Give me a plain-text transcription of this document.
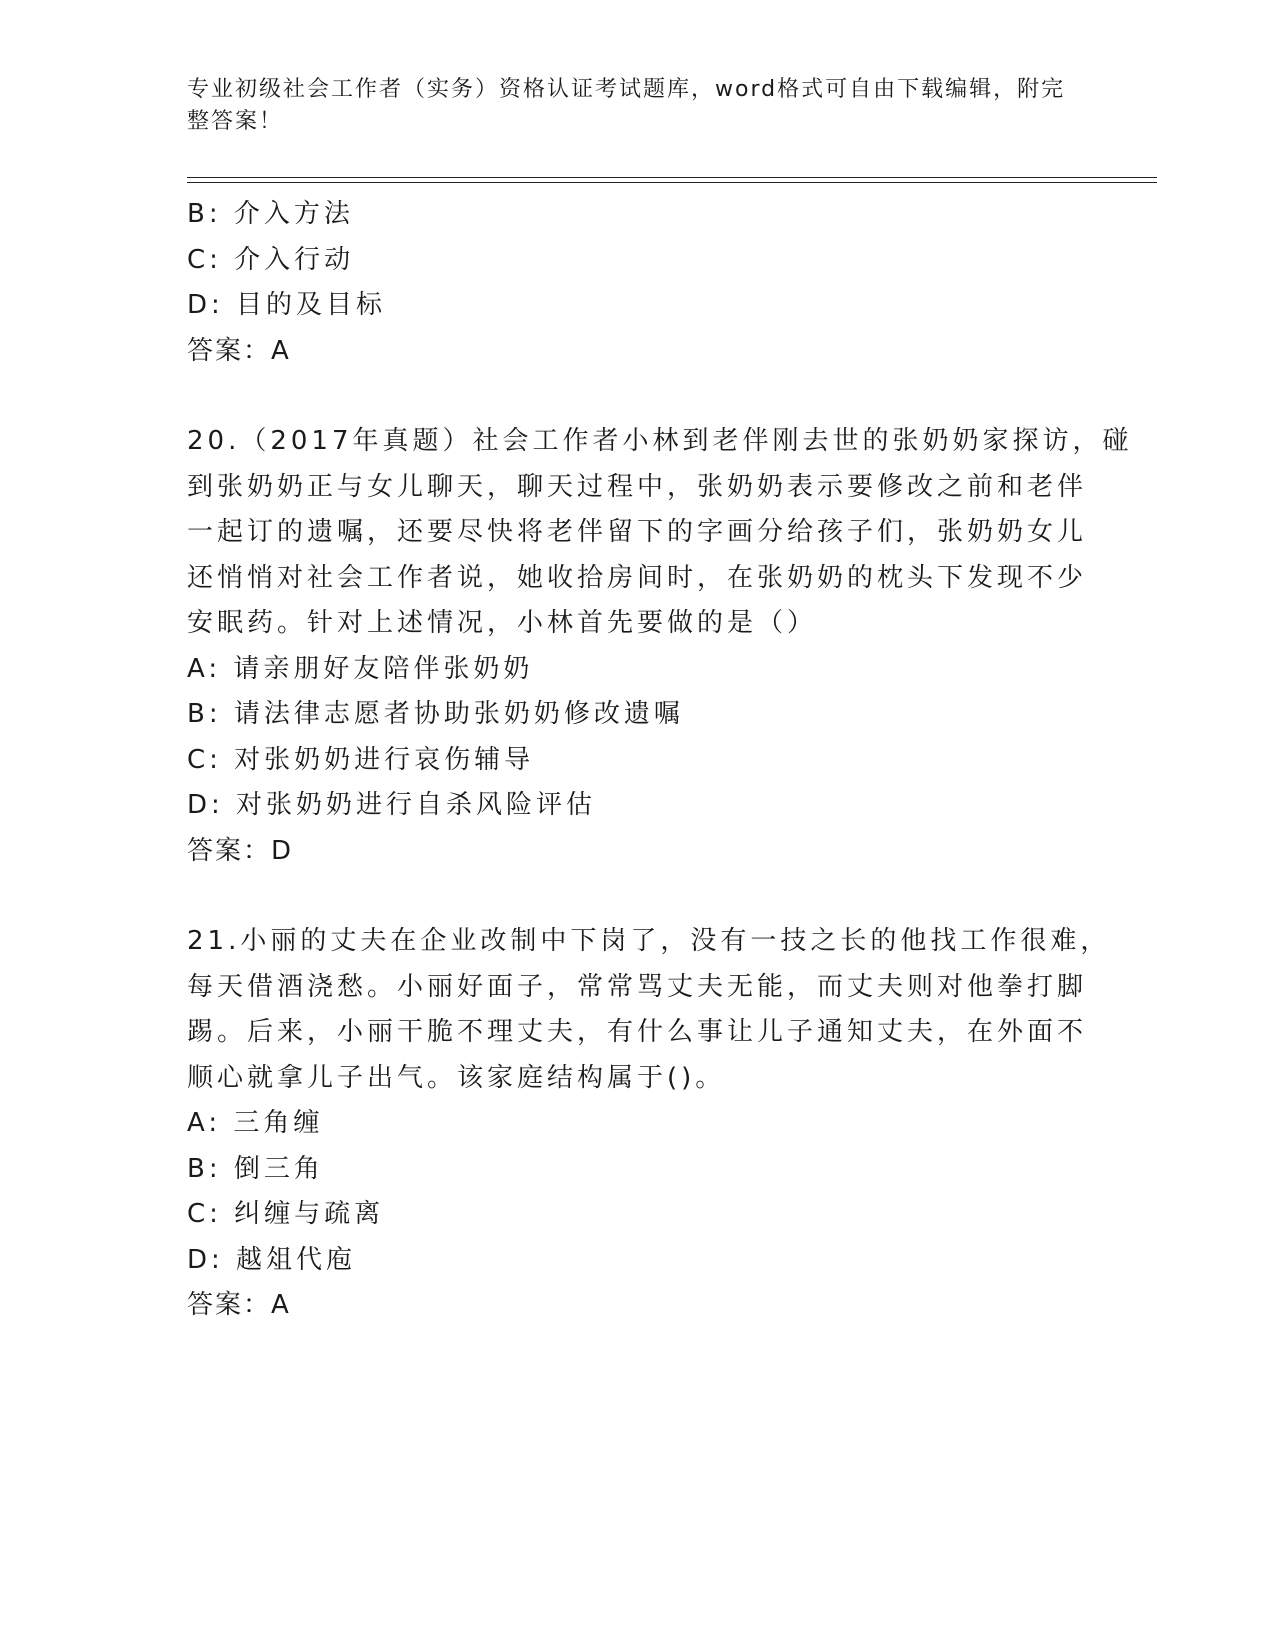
专业初级社会工作者（实务）资格认证考试题库，word格式可自由下载编辑，附完整答案！
B: 介入方法
C: 介入行动
D: 目的及目标
答案：A
20.（2017年真题）社会工作者小林到老伴刚去世的张奶奶家探访，碰
到张奶奶正与女儿聊天，聊天过程中，张奶奶表示要修改之前和老伴
一起订的遗嘱，还要尽快将老伴留下的字画分给孩子们，张奶奶女儿
还悄悄对社会工作者说，她收拾房间时，在张奶奶的枕头下发现不少
安眠药。针对上述情况，小林首先要做的是（）
A: 请亲朋好友陪伴张奶奶
B: 请法律志愿者协助张奶奶修改遗嘱
C: 对张奶奶进行哀伤辅导
D: 对张奶奶进行自杀风险评估
答案：D
21.小丽的丈夫在企业改制中下岗了，没有一技之长的他找工作很难，
每天借酒浇愁。小丽好面子，常常骂丈夫无能，而丈夫则对他拳打脚
踢。后来，小丽干脆不理丈夫，有什么事让儿子通知丈夫，在外面不
顺心就拿儿子出气。该家庭结构属于()。
A: 三角缠
B: 倒三角
C: 纠缠与疏离
D: 越俎代庖
答案：A
